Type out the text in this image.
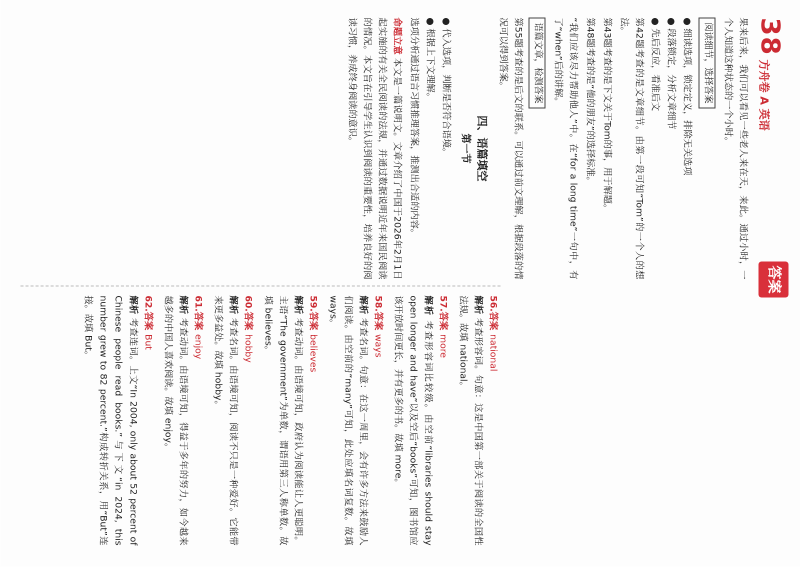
38
方舟卷 A 英语
答案

果来后来，我们可以看见一些老人来在天，来此。通过小时，一个人知道这种状态的一个小时。

阅读细节，选择答案
● 细读选项，锁定定义，排除无关选项
● 段落锁定，分析文章细节
● 先后反应，看准后文

第42题考查的是文章细节。由第一段可知“Tom”的一个人的想法。

第43题考查的是下文关于Tom的事，用于解题。

第48题考查的是“他的朋友”的选择标准。

“我们应该尽力帮助他人”中。在“for a long time”一句中，有了“when”后的讲解。

语篇文章，检测答案

第55题考查的是后文的联系。可以通过前文理解，根据段落的情况可以得到答案。

四、语篇填空
第一节
● 代入选项，判断是否符合语境。
● 根据上下文理解。

选项分析通过语言习惯推理答案，推测出合适的内容。

命题立意 本文是一篇说明文。文章介绍了中国于2026年2月1日起实施的有关全民阅读的法规，并通过数据说明近年来国民阅读的情况。本文旨在引导学生认识到阅读的重要性，培养良好的阅读习惯，养成终身阅读的意识。

56.答案national
解析 考查形容词。句意：这是中国第一部关于阅读的全国性法规。故填 national。
57.答案more
解析 考查形容词比较级。由空前“libraries should stay open longer and have”以及空后“books”可知，图书馆应该开放时间更长，并有更多的书。故填 more。
58.答案ways
解析 考查名词。句意：在这一周里，会有许多方法来鼓励人们阅读。由空前的“many”可知，此处应填名词复数。故填 ways。
59.答案believes
解析 考查动词。由语境可知，政府认为阅读能让人更聪明。主语“The government”为单数，谓语用第三人称单数。故填 believes。
60.答案hobby
解析 考查名词。由语境可知，阅读不只是一种爱好。它能带来更多益处。故填 hobby。
61.答案enjoy
解析 考查动词。由语境可知，得益于多年的努力，如今越来越多的中国人喜欢阅读。故填 enjoy。
62.答案But
解析 考查连词。上文“In 2004, only about 52 percent of Chinese people read books.”与下文“in 2024, this number grew to 82 percent.”构成转折关系，用“But”连接。故填 But。
